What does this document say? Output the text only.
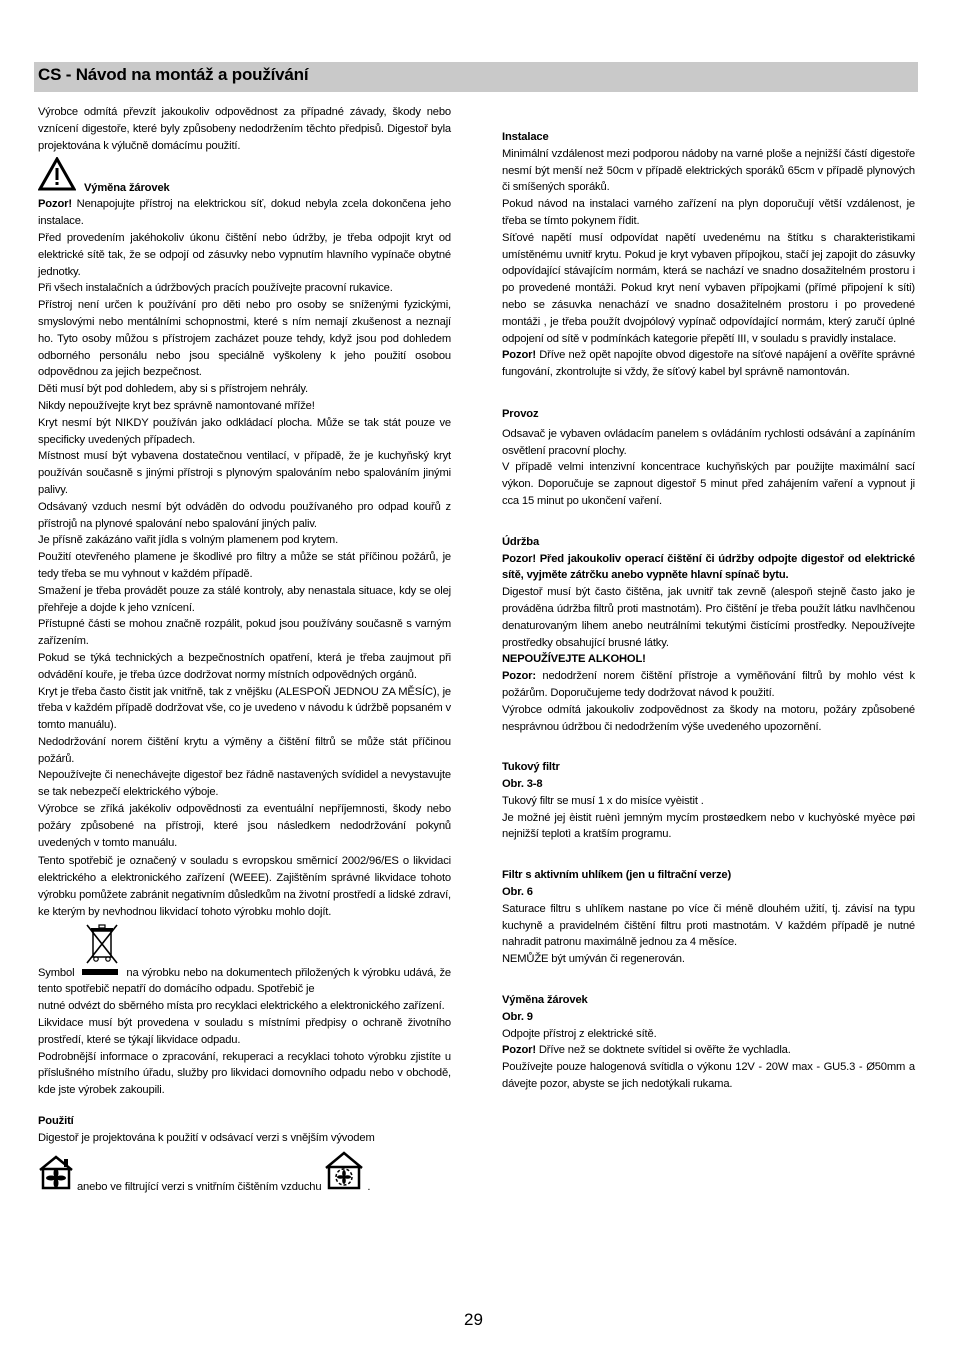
CS - Návod na montáž a používání

Výrobce odmítá převzít jakoukoliv odpovědnost za případné závady, škody nebo vznícení digestoře, které byly způsobeny nedodržením těchto předpisů. Digestoř byla projektována k výlučně domácímu použití.

Výměna žárovek

Pozor! Nenapojujte přístroj na elektrickou síť, dokud nebyla zcela dokončena jeho instalace.

Před provedením jakéhokoliv úkonu čištění nebo údržby, je třeba odpojit kryt od elektrické sítě tak, že se odpojí od zásuvky nebo vypnutím hlavního vypínače obytné jednotky.

Při všech instalačních a údržbových pracích používejte pracovní rukavice.

Přístroj není určen k používání pro děti nebo pro osoby se sníženými fyzickými, smyslovými nebo mentálními schopnostmi, které s ním nemají zkušenost a neznají ho. Tyto osoby můžou s přístrojem zacházet pouze tehdy, když jsou pod dohledem odborného personálu nebo jsou speciálně vyškoleny k jeho použití osobou odpovědnou za jejich bezpečnost.

Děti musí být pod dohledem, aby si s přístrojem nehrály.

Nikdy nepoužívejte kryt bez správně namontované mříže!

Kryt nesmí být NIKDY používán jako odkládací plocha. Může se tak stát pouze ve specificky uvedených případech.

Místnost musí být vybavena dostatečnou ventilací, v případě, že je kuchyňský kryt používán současně s jinými přístroji s plynovým spalováním nebo spalováním jinými palivy.

Odsávaný vzduch nesmí být odváděn do odvodu používaného pro odpad kouřů z přístrojů na plynové spalování nebo spalování jiných paliv.

Je přísně zakázáno vařit jídla s volným plamenem pod krytem.

Použití otevřeného plamene je škodlivé pro filtry a může se stát příčinou požárů, je tedy třeba se mu vyhnout v každém případě.

Smažení je třeba provádět pouze za stálé kontroly, aby nenastala situace, kdy se olej přehřeje a dojde k jeho vznícení.

Přístupné části se mohou značně rozpálit, pokud jsou používány současně s varným zařízením.

Pokud se týká technických a bezpečnostních opatření, která je třeba zaujmout při odvádění kouře, je třeba úzce dodržovat normy místních odpovědných orgánů.

Kryt je třeba často čistit jak vnitřně, tak z vnějšku (ALESPOŇ JEDNOU ZA MĚSÍC), je třeba v každém případě dodržovat vše, co je uvedeno v návodu k údržbě popsaném v tomto manuálu).

Nedodržování norem čištění krytu a výměny a čištění filtrů se může stát příčinou požárů.

Nepoužívejte či nenechávejte digestoř bez řádně nastavených svídidel a nevystavujte se tak nebezpečí elektrického výboje.

Výrobce se zříká jakékoliv odpovědnosti za eventuální nepříjemnosti, škody nebo požáry způsobené na přístroji, které jsou následkem nedodržování pokynů uvedených v tomto manuálu.

Tento spotřebič je označený v souladu s evropskou směrnicí 2002/96/ES o likvidaci elektrického a elektronického zařízení (WEEE). Zajištěním správné likvidace tohoto výrobku pomůžete zabránit negativním důsledkům na životní prostředí a lidské zdraví, ke kterým by nevhodnou likvidací tohoto výrobku mohlo dojít.

Symbol	na výrobku nebo na dokumentech přiložených k výrobku udává, že tento spotřebič nepatří do domácího odpadu. Spotřebič je

nutné odvézt do sběrného místa pro recyklaci elektrického a elektronického zařízení.

Likvidace musí být provedena v souladu s místními předpisy o ochraně životního prostředí, které se týkají likvidace odpadu.

Podrobnější informace o zpracování, rekuperaci a recyklaci tohoto výrobku zjistíte u příslušného místního úřadu, služby pro likvidaci domovního odpadu nebo v obchodě, kde jste výrobek zakoupili.

Použití

Digestoř je projektována k použití v odsávací verzi s vnějším vývodem

anebo ve filtrující verzi s vnitřním čištěním vzduchu	.

Instalace

Minimální vzdálenost mezi podporou nádoby na varné ploše a nejnižší částí digestoře nesmí být menší než 50cm v případě elektrických sporáků 65cm v případě plynových či smíšených sporáků.

Pokud návod na instalaci varného zařízení na plyn doporučují větší vzdálenost, je třeba se tímto pokynem řídit.

Síťové napětí musí odpovídat napětí uvedenému na štítku s charakteristikami umístěnému uvnitř krytu. Pokud je kryt vybaven přípojkou, stačí jej zapojit do zásuvky odpovídající stávajícím normám, která se nachází ve snadno dosažitelném prostoru i po provedené montáži. Pokud kryt není vybaven přípojkami (přímé připojení k síti) nebo se zásuvka nenachází ve snadno dosažitelném prostoru i po provedené montáži , je třeba použít dvojpólový vypínač odpovídající normám, který zaručí úplné odpojení od sítě v podmínkách kategorie přepětí III, v souladu s pravidly instalace.

Pozor! Dříve než opět napojíte obvod digestoře na síťové napájení a ověříte správné fungování, zkontrolujte si vždy, že síťový kabel byl správně namontován.

Provoz

Odsavač je vybaven ovládacím panelem s ovládáním rychlosti odsávání a zapínáním osvětlení pracovní plochy.

V případě velmi intenzivní koncentrace kuchyňských par použijte maximální sací výkon. Doporučuje se zapnout digestoř 5 minut před zahájením vaření a vypnout ji cca 15 minut po ukončení vaření.

Údržba

Pozor! Před jakoukoliv operací čištění či údržby odpojte digestoř od elektrické sítě, vyjměte zátrčku anebo vypněte hlavní spínač bytu.

Digestoř musí být často čištěna, jak uvnitř tak zevně (alespoň stejně často jako je prováděna údržba filtrů proti mastnotám). Pro čištění je třeba použít látku navlhčenou denaturovaným lihem anebo neutrálními tekutými čistícími prostředky. Nepoužívejte prostředky obsahující brusné látky.

NEPOUŽÍVEJTE ALKOHOL!

Pozor: nedodržení norem čištění přístroje a vyměňování filtrů by mohlo vést k požárům. Doporučujeme tedy dodržovat návod k použití.

Výrobce odmítá jakoukoliv zodpovědnost za škody na motoru, požáry způsobené nesprávnou údržbou či nedodržením výše uvedeného upozornění.

Tukový filtr

Obr. 3-8

Tukový filtr se musí 1 x do misíce vyèistit .

Je možné jej èistit ruènì jemným mycím prostøedkem nebo v kuchyòské myèce pøi nejnižší teplotì a kratším programu.

Filtr s aktivním uhlíkem (jen u filtrační verze)

Obr. 6

Saturace filtru s uhlíkem nastane po více či méně dlouhém užití, tj. závisí na typu kuchyně a pravidelném čištění filtru proti mastnotám. V každém případě je nutné nahradit patronu maximálně jednou za 4 měsíce.

NEMŮŽE být umýván či regenerován.

Výměna žárovek

Obr. 9

Odpojte přístroj z elektrické sítě.

Pozor! Dříve než se doktnete svítidel si ověřte že vychladla.

Používejte pouze halogenová svítidla o výkonu 12V - 20W max - GU5.3 - Ø50mm a dávejte pozor, abyste se jich nedotýkali rukama.

29
